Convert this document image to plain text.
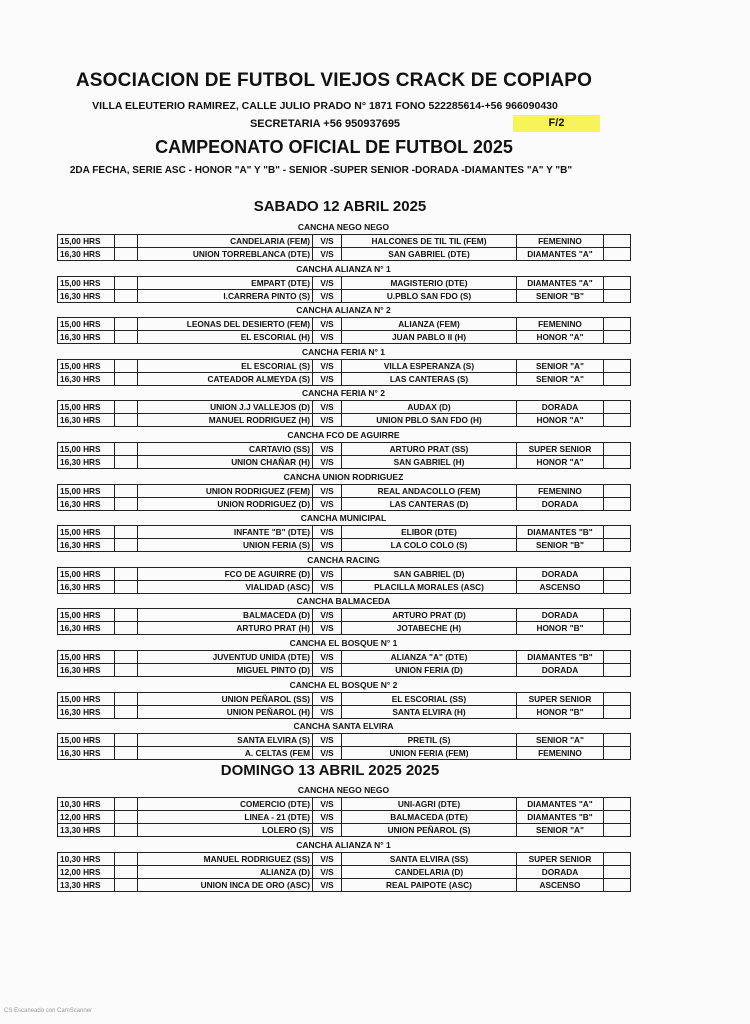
ASOCIACION DE FUTBOL VIEJOS CRACK DE COPIAPO
VILLA ELEUTERIO RAMIREZ, CALLE JULIO PRADO N° 1871 FONO 522285614-+56 966090430
SECRETARIA +56 950937695	F/2
CAMPEONATO OFICIAL DE FUTBOL 2025
2DA FECHA, SERIE ASC - HONOR "A" Y "B" - SENIOR -SUPER SENIOR -DORADA -DIAMANTES "A" Y "B"
SABADO 12 ABRIL 2025
DOMINGO 13 ABRIL 2025 2025
CANCHA NEGO NEGO
15,00 HRS		CANDELARIA (FEM)	V/S	HALCONES DE TIL TIL (FEM)	FEMENINO	
16,30 HRS		UNION TORREBLANCA (DTE)	V/S	SAN GABRIEL (DTE)	DIAMANTES "A"	
CANCHA ALIANZA N° 1
15,00 HRS		EMPART (DTE)	V/S	MAGISTERIO (DTE)	DIAMANTES "A"	
16,30 HRS		I.CARRERA PINTO (S)	V/S	U.PBLO SAN FDO (S)	SENIOR "B"	
CANCHA ALIANZA N° 2
15,00 HRS		LEONAS DEL DESIERTO (FEM)	V/S	ALIANZA (FEM)	FEMENINO	
16,30 HRS		EL ESCORIAL (H)	V/S	JUAN PABLO II (H)	HONOR "A"	
CANCHA FERIA N° 1
15,00 HRS		EL ESCORIAL (S)	V/S	VILLA ESPERANZA (S)	SENIOR "A"	
16,30 HRS		CATEADOR ALMEYDA (S)	V/S	LAS CANTERAS (S)	SENIOR "A"	
CANCHA FERIA N° 2
15,00 HRS		UNION J.J VALLEJOS (D)	V/S	AUDAX (D)	DORADA	
16,30 HRS		MANUEL RODRIGUEZ (H)	V/S	UNION PBLO SAN FDO (H)	HONOR "A"	
CANCHA FCO DE AGUIRRE
15,00 HRS		CARTAVIO (SS)	V/S	ARTURO PRAT (SS)	SUPER SENIOR	
16,30 HRS		UNION CHAÑAR (H)	V/S	SAN GABRIEL (H)	HONOR "A"	
CANCHA UNION RODRIGUEZ
15,00 HRS		UNION RODRIGUEZ (FEM)	V/S	REAL ANDACOLLO (FEM)	FEMENINO	
16,30 HRS		UNION RODRIGUEZ (D)	V/S	LAS CANTERAS (D)	DORADA	
CANCHA MUNICIPAL
15,00 HRS		INFANTE "B" (DTE)	V/S	ELIBOR (DTE)	DIAMANTES "B"	
16,30 HRS		UNION FERIA (S)	V/S	LA COLO COLO (S)	SENIOR "B"	
CANCHA RACING
15,00 HRS		FCO DE AGUIRRE (D)	V/S	SAN GABRIEL (D)	DORADA	
16,30 HRS		VIALIDAD (ASC)	V/S	PLACILLA MORALES (ASC)	ASCENSO	
CANCHA BALMACEDA
15,00 HRS		BALMACEDA (D)	V/S	ARTURO PRAT (D)	DORADA	
16,30 HRS		ARTURO PRAT (H)	V/S	JOTABECHE (H)	HONOR "B"	
CANCHA EL BOSQUE N° 1
15,00 HRS		JUVENTUD UNIDA (DTE)	V/S	ALIANZA "A" (DTE)	DIAMANTES "B"	
16,30 HRS		MIGUEL PINTO (D)	V/S	UNION FERIA (D)	DORADA	
CANCHA EL BOSQUE N° 2
15,00 HRS		UNION PEÑAROL (SS)	V/S	EL ESCORIAL (SS)	SUPER SENIOR	
16,30 HRS		UNION PEÑAROL (H)	V/S	SANTA ELVIRA (H)	HONOR "B"	
CANCHA SANTA ELVIRA
15,00 HRS		SANTA ELVIRA (S)	V/S	PRETIL (S)	SENIOR "A"	
16,30 HRS		A. CELTAS (FEM	V/S	UNION FERIA (FEM)	FEMENINO	
CANCHA NEGO NEGO
10,30 HRS		COMERCIO (DTE)	V/S	UNI-AGRI (DTE)	DIAMANTES "A"	
12,00 HRS		LINEA - 21 (DTE)	V/S	BALMACEDA (DTE)	DIAMANTES "B"	
13,30 HRS		LOLERO (S)	V/S	UNION PEÑAROL (S)	SENIOR "A"	
CANCHA ALIANZA N° 1
10,30 HRS		MANUEL RODRIGUEZ (SS)	V/S	SANTA ELVIRA (SS)	SUPER SENIOR	
12,00 HRS		ALIANZA (D)	V/S	CANDELARIA (D)	DORADA	
13,30 HRS		UNION INCA DE ORO (ASC)	V/S	REAL PAIPOTE (ASC)	ASCENSO	
CS Escaneado con CamScanner
